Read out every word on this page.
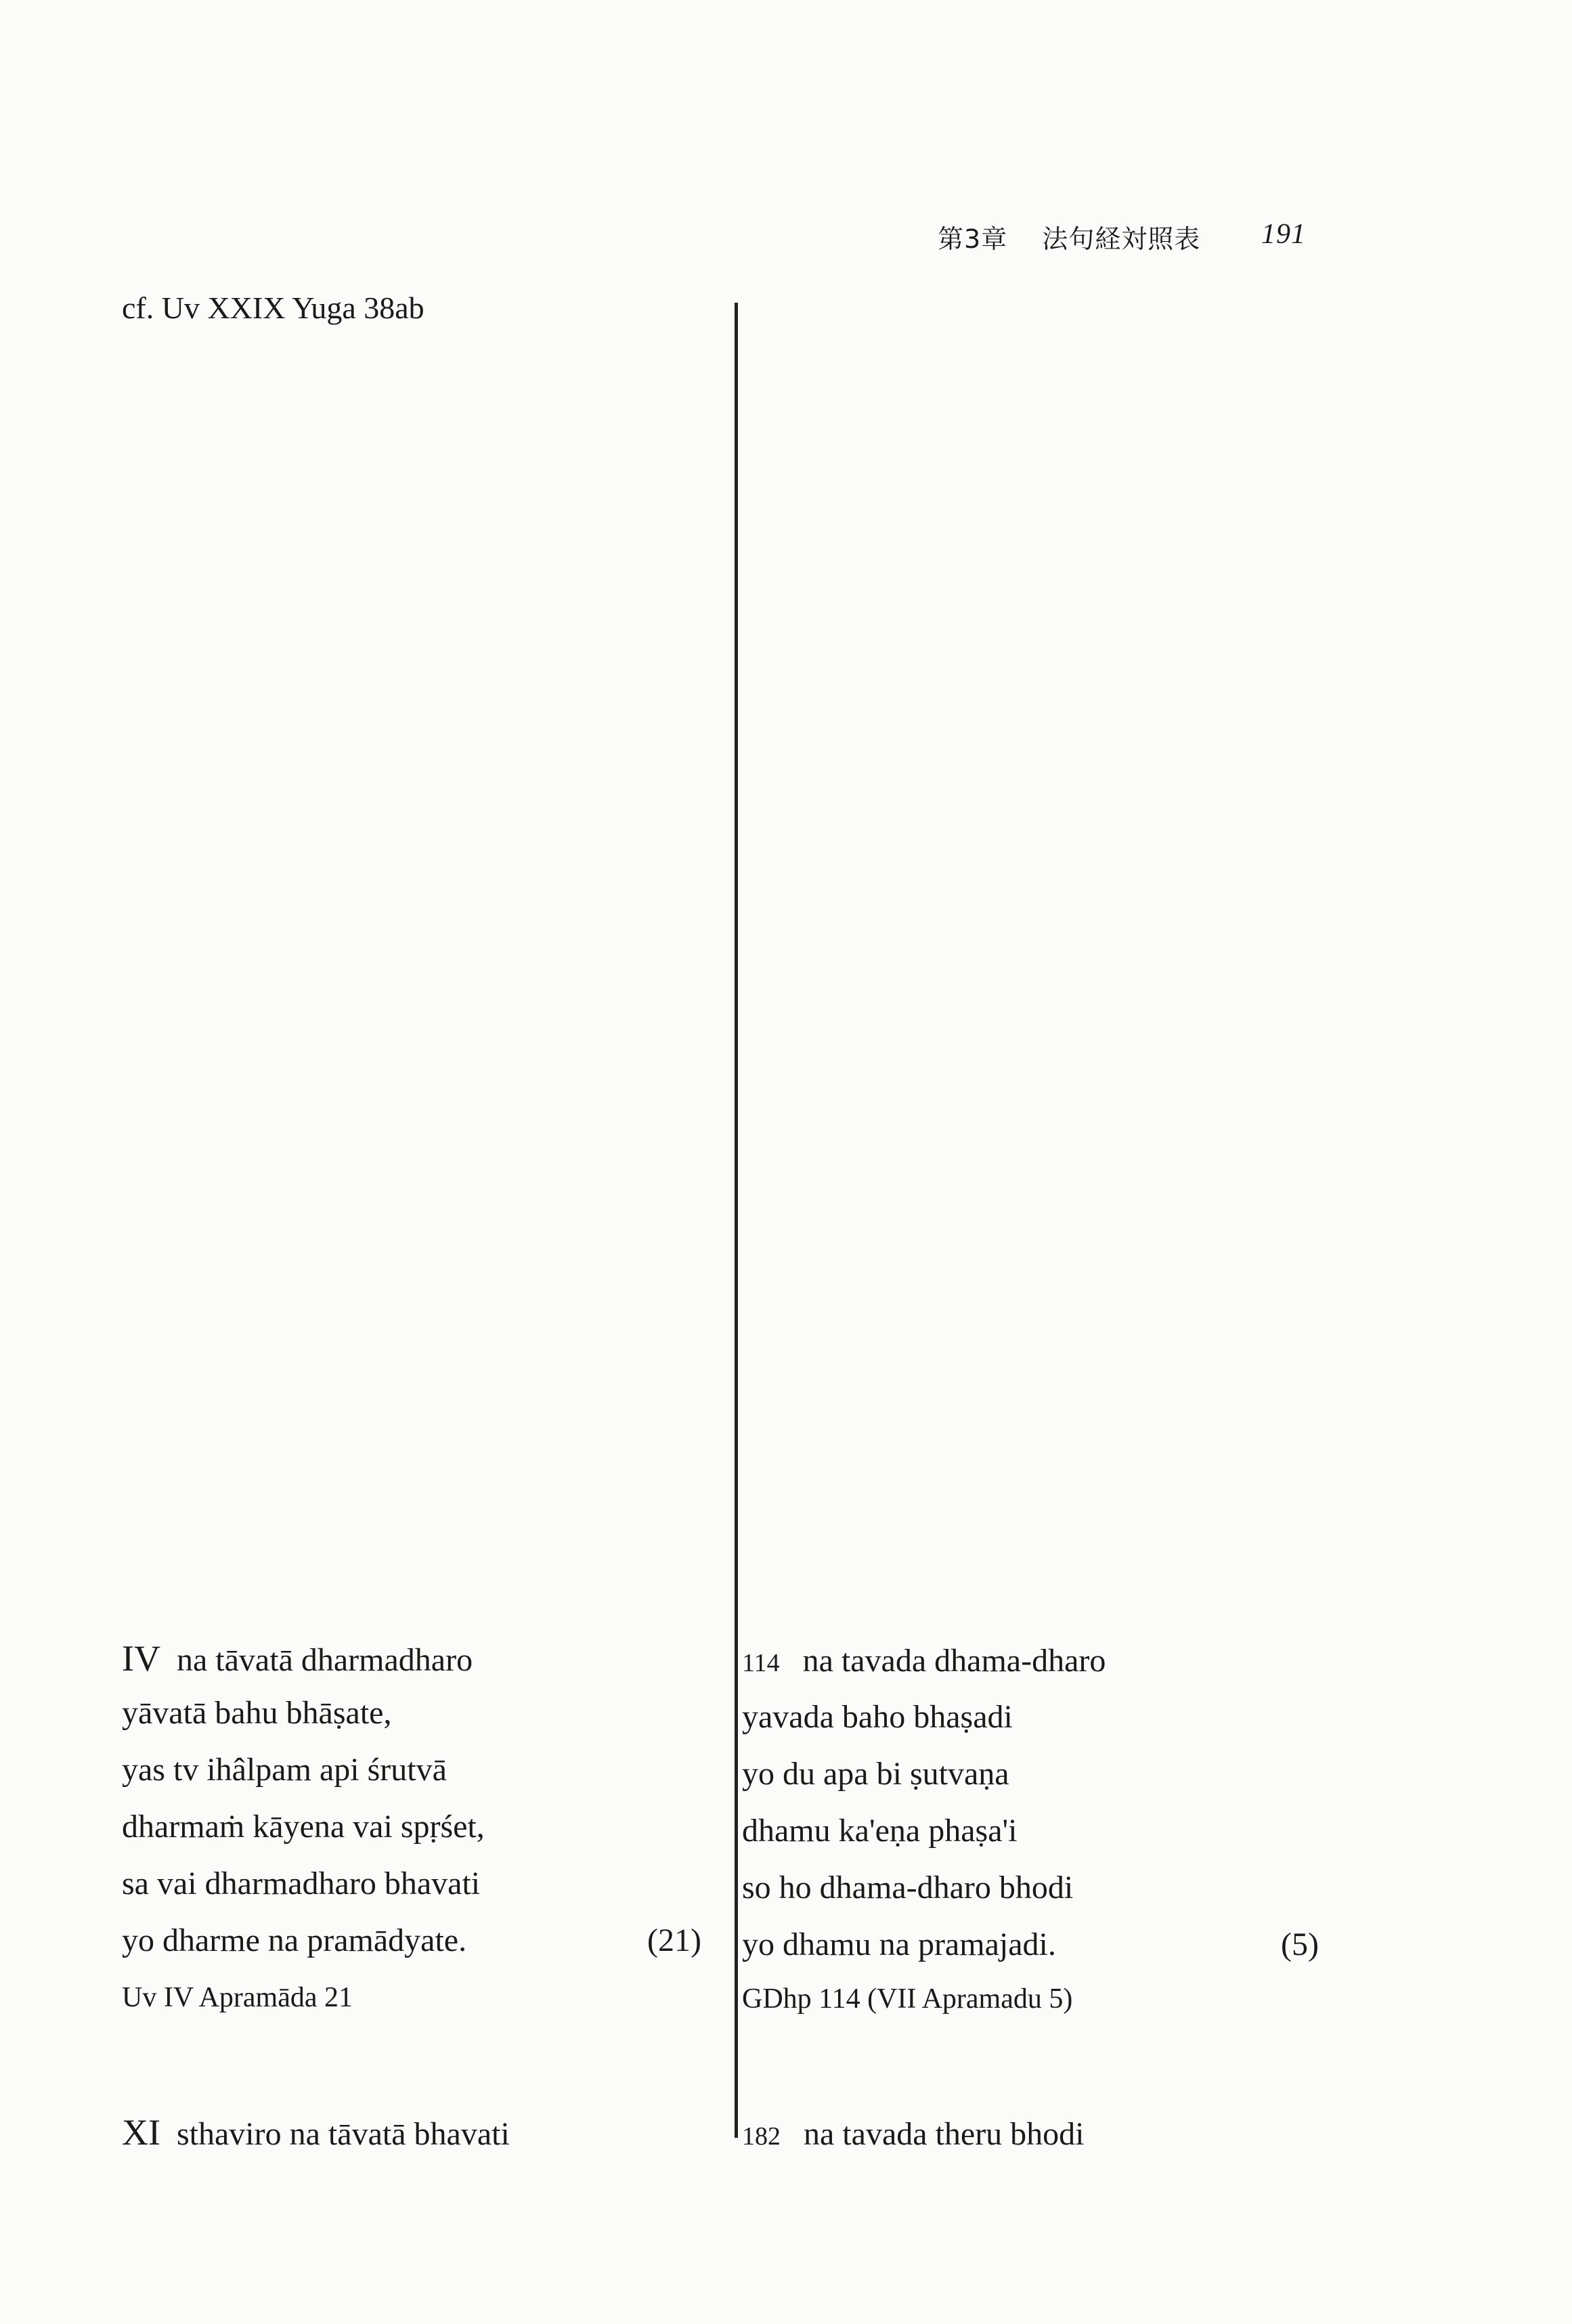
第3章 法句経対照表 191
cf. Uv XXIX Yuga 38ab
IV na tāvatā dharmadharo
yāvatā bahu bhāṣate,
yas tv ihâlpam api śrutvā
dharmaṁ kāyena vai spṛśet,
sa vai dharmadharo bhavati
yo dharme na pramādyate.	(21)
Uv IV Apramāda 21
XI sthaviro na tāvatā bhavati
114 na tavada dhama-dharo
yavada baho bhaṣadi
yo du apa bi ṣutvaṇa
dhamu ka'eṇa phaṣa'i
so ho dhama-dharo bhodi
yo dhamu na pramajadi.	(5)
GDhp 114 (VII Apramadu 5)
182 na tavada theru bhodi
